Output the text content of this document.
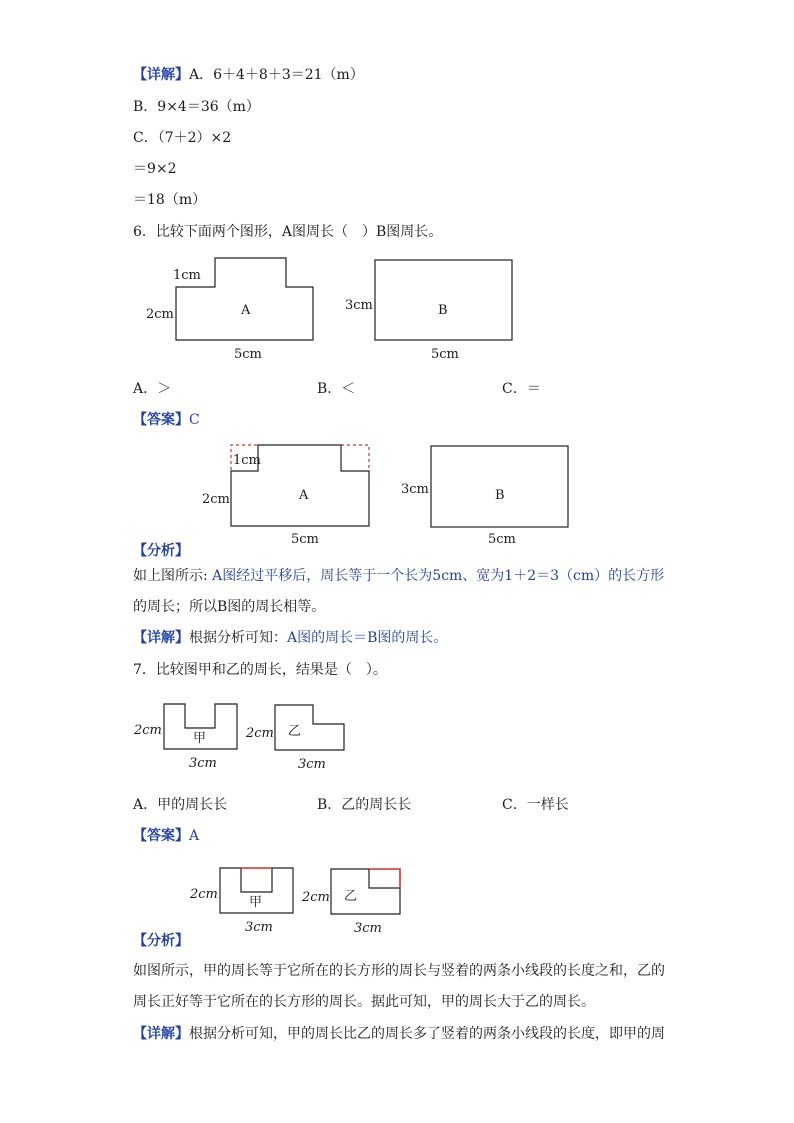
【详解】A．6＋4＋8＋3＝21（m）
B．9×4＝36（m）
C．（7＋2）×2
＝9×2
＝18（m）
6．比较下面两个图形，A图周长（　）B图周长。
A
1cm
2cm
5cm
B
3cm
5cm
A．＞	B．＜	C．＝
【答案】C
A
1cm
2cm
5cm
B
3cm
5cm
【分析】
如上图所示: A图经过平移后，周长等于一个长为5cm、宽为1＋2＝3（cm）的长方形
的周长；所以B图的周长相等。
【详解】根据分析可知：A图的周长＝B图的周长。
7．比较图甲和乙的周长，结果是（　）。
甲
2cm
3cm
乙
2cm
3cm
A．甲的周长长	B．乙的周长长	C．一样长
【答案】A
甲
2cm
3cm
乙
2cm
3cm
【分析】
如图所示，甲的周长等于它所在的长方形的周长与竖着的两条小线段的长度之和，乙的
周长正好等于它所在的长方形的周长。据此可知，甲的周长大于乙的周长。
【详解】根据分析可知，甲的周长比乙的周长多了竖着的两条小线段的长度，即甲的周
